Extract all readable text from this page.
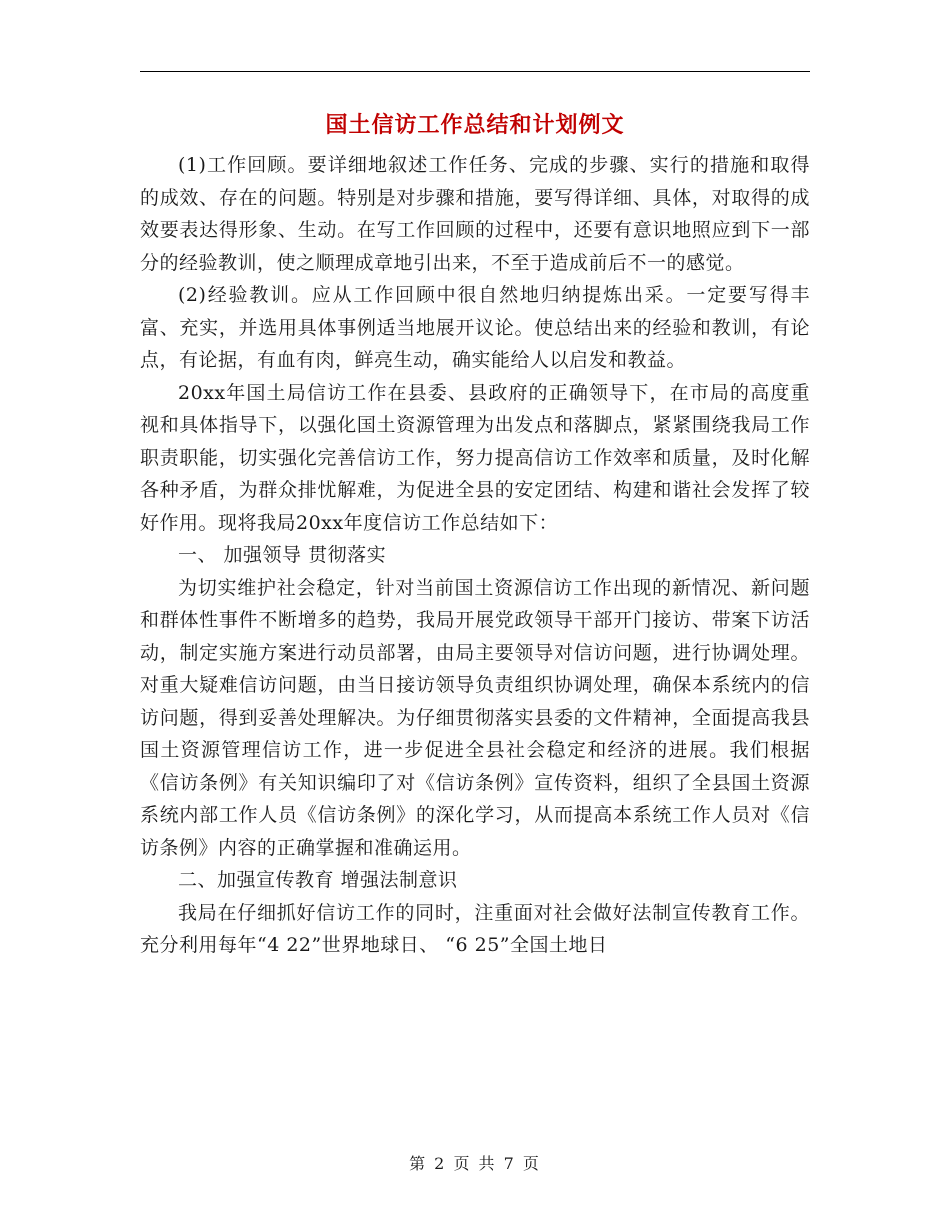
国土信访工作总结和计划例文

(1)工作回顾。要详细地叙述工作任务、完成的步骤、实行的措施和取得的成效、存在的问题。特别是对步骤和措施，要写得详细、具体，对取得的成效要表达得形象、生动。在写工作回顾的过程中，还要有意识地照应到下一部分的经验教训，使之顺理成章地引出来，不至于造成前后不一的感觉。

(2)经验教训。应从工作回顾中很自然地归纳提炼出采。一定要写得丰富、充实，并选用具体事例适当地展开议论。使总结出来的经验和教训，有论点，有论据，有血有肉，鲜亮生动，确实能给人以启发和教益。

20xx年国土局信访工作在县委、县政府的正确领导下，在市局的高度重视和具体指导下，以强化国土资源管理为出发点和落脚点，紧紧围绕我局工作职责职能，切实强化完善信访工作，努力提高信访工作效率和质量，及时化解各种矛盾，为群众排忧解难，为促进全县的安定团结、构建和谐社会发挥了较好作用。现将我局20xx年度信访工作总结如下：

一、 加强领导 贯彻落实

为切实维护社会稳定，针对当前国土资源信访工作出现的新情况、新问题和群体性事件不断增多的趋势，我局开展党政领导干部开门接访、带案下访活动，制定实施方案进行动员部署，由局主要领导对信访问题，进行协调处理。对重大疑难信访问题，由当日接访领导负责组织协调处理，确保本系统内的信访问题，得到妥善处理解决。为仔细贯彻落实县委的文件精神，全面提高我县国土资源管理信访工作，进一步促进全县社会稳定和经济的进展。我们根据《信访条例》有关知识编印了对《信访条例》宣传资料，组织了全县国土资源系统内部工作人员《信访条例》的深化学习，从而提高本系统工作人员对《信访条例》内容的正确掌握和准确运用。

二、加强宣传教育 增强法制意识

我局在仔细抓好信访工作的同时，注重面对社会做好法制宣传教育工作。 充分利用每年“4 22”世界地球日、 “6 25”全国土地日

第 2 页 共 7 页
